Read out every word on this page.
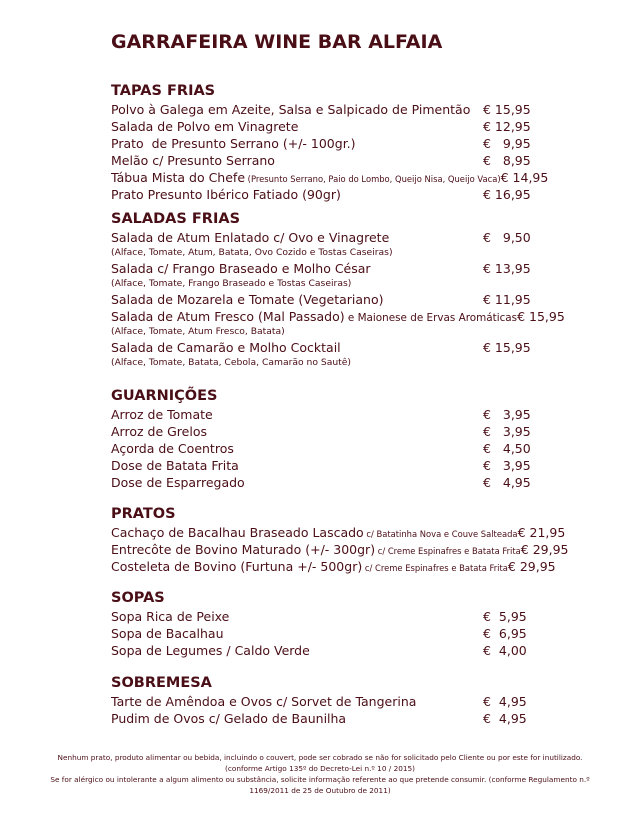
GARRAFEIRA WINE BAR ALFAIA
TAPAS FRIAS
Polvo à Galega em Azeite, Salsa e Salpicado de Pimentão	€ 15,95
Salada de Polvo em Vinagrete	€ 12,95
Prato  de Presunto Serrano (+/- 100gr.)	€   9,95
Melão c/ Presunto Serrano	€   8,95
Tábua Mista do Chefe (Presunto Serrano, Paio do Lombo, Queijo Nisa, Queijo Vaca) € 14,95
Prato Presunto Ibérico Fatiado (90gr)	€ 16,95
SALADAS FRIAS
Salada de Atum Enlatado c/ Ovo e Vinagrete	€   9,50
(Alface, Tomate, Atum, Batata, Ovo Cozido e Tostas Caseiras)
Salada c/ Frango Braseado e Molho César	€ 13,95
(Alface, Tomate, Frango Braseado e Tostas Caseiras)
Salada de Mozarela e Tomate (Vegetariano)	€ 11,95
Salada de Atum Fresco (Mal Passado) e Maionese de Ervas Aromáticas € 15,95
(Alface, Tomate, Atum Fresco, Batata)
Salada de Camarão e Molho Cocktail	€ 15,95
(Alface, Tomate, Batata, Cebola, Camarão no Sautê)
GUARNIÇÕES
Arroz de Tomate	€   3,95
Arroz de Grelos	€   3,95
Açorda de Coentros	€   4,50
Dose de Batata Frita	€   3,95
Dose de Esparregado	€   4,95
PRATOS
Cachaço de Bacalhau Braseado Lascado c/ Batatinha Nova e Couve Salteada € 21,95
Entrecôte de Bovino Maturado (+/- 300gr) c/ Creme Espinafres e Batata Frita € 29,95
Costeleta de Bovino (Furtuna +/- 500gr) c/ Creme Espinafres e Batata Frita € 29,95
SOPAS
Sopa Rica de Peixe	€  5,95
Sopa de Bacalhau	€  6,95
Sopa de Legumes / Caldo Verde	€  4,00
SOBREMESA
Tarte de Amêndoa e Ovos c/ Sorvet de Tangerina	€  4,95
Pudim de Ovos c/ Gelado de Baunilha	€  4,95

Nenhum prato, produto alimentar ou bebida, incluindo o couvert, pode ser cobrado se não for solicitado pelo Cliente ou por este for inutilizado.

(conforme Artigo 135º do Decreto-Lei n.º 10 / 2015)

Se for alérgico ou intolerante a algum alimento ou substância, solicite informação referente ao que pretende consumir. (conforme Regulamento n.º

1169/2011 de 25 de Outubro de 2011)
